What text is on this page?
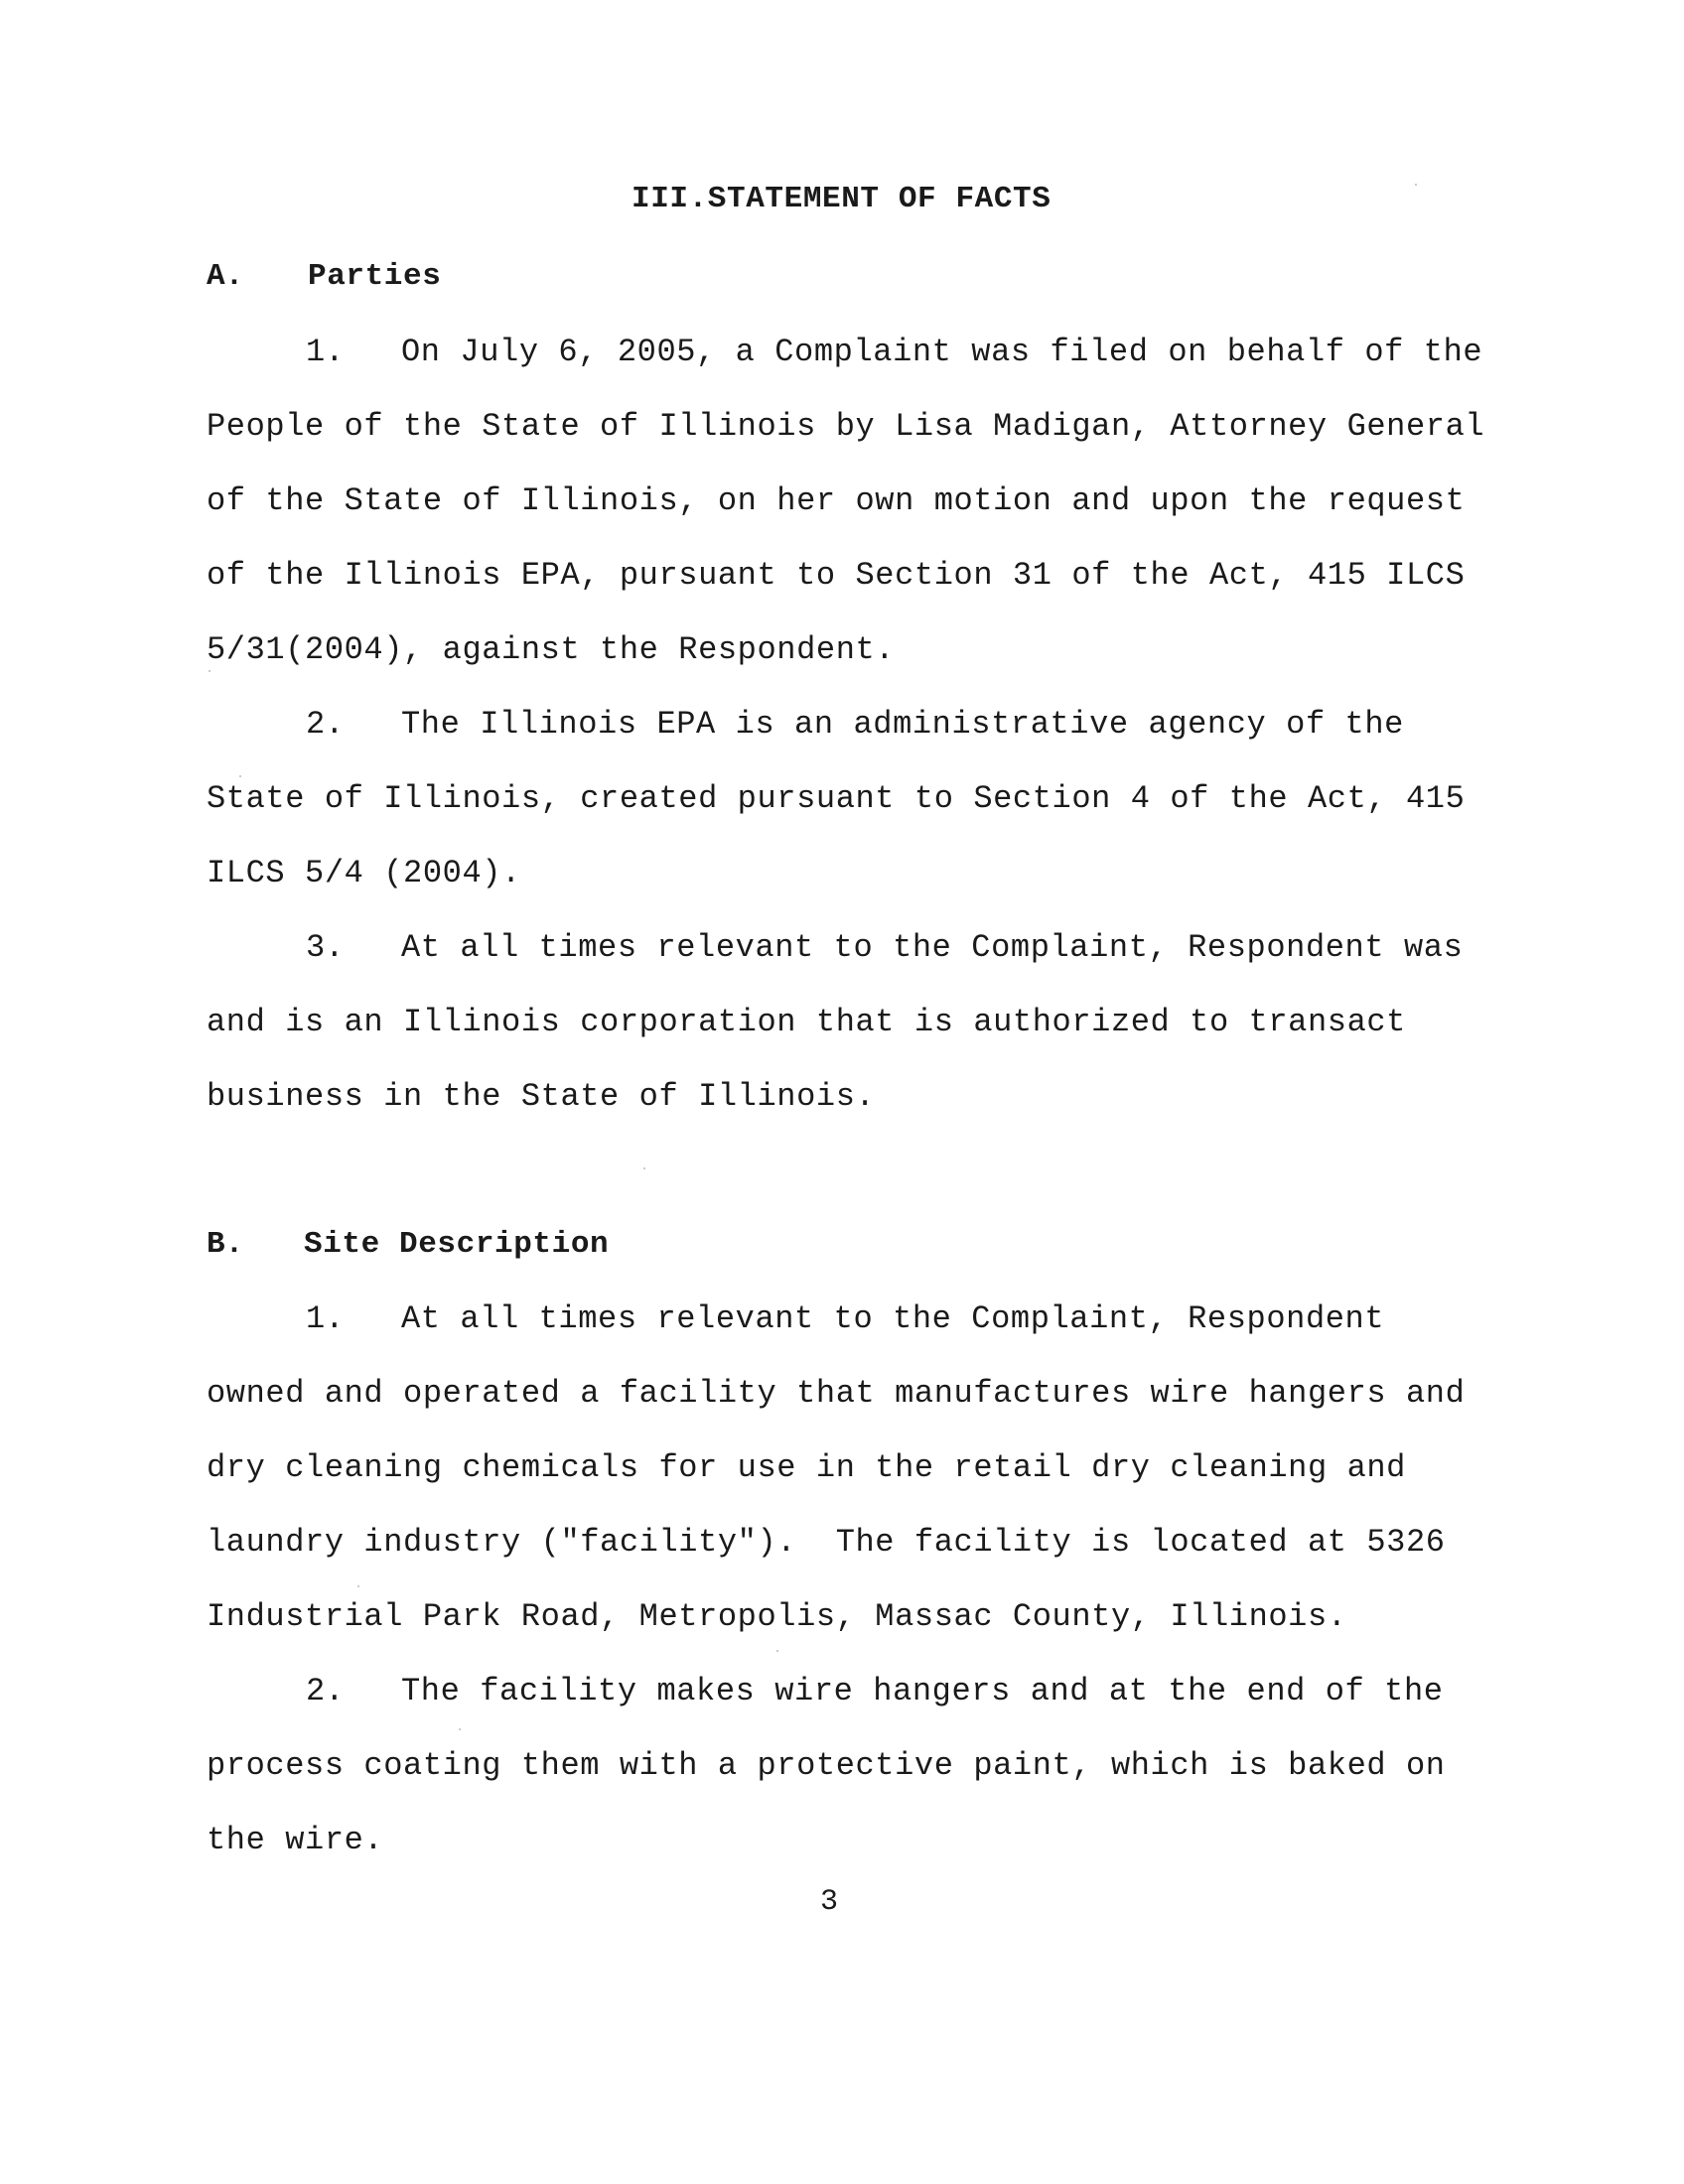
III.STATEMENT OF FACTS
A. Parties
1. On July 6, 2005, a Complaint was filed on behalf of the
People of the State of Illinois by Lisa Madigan, Attorney General
of the State of Illinois, on her own motion and upon the request
of the Illinois EPA, pursuant to Section 31 of the Act, 415 ILCS
5/31(2004), against the Respondent.
2. The Illinois EPA is an administrative agency of the
State of Illinois, created pursuant to Section 4 of the Act, 415
ILCS 5/4 (2004).
3. At all times relevant to the Complaint, Respondent was
and is an Illinois corporation that is authorized to transact
business in the State of Illinois.
B. Site Description
1. At all times relevant to the Complaint, Respondent
owned and operated a facility that manufactures wire hangers and
dry cleaning chemicals for use in the retail dry cleaning and
laundry industry ("facility").  The facility is located at 5326
Industrial Park Road, Metropolis, Massac County, Illinois.
2. The facility makes wire hangers and at the end of the
process coating them with a protective paint, which is baked on
the wire.
3
